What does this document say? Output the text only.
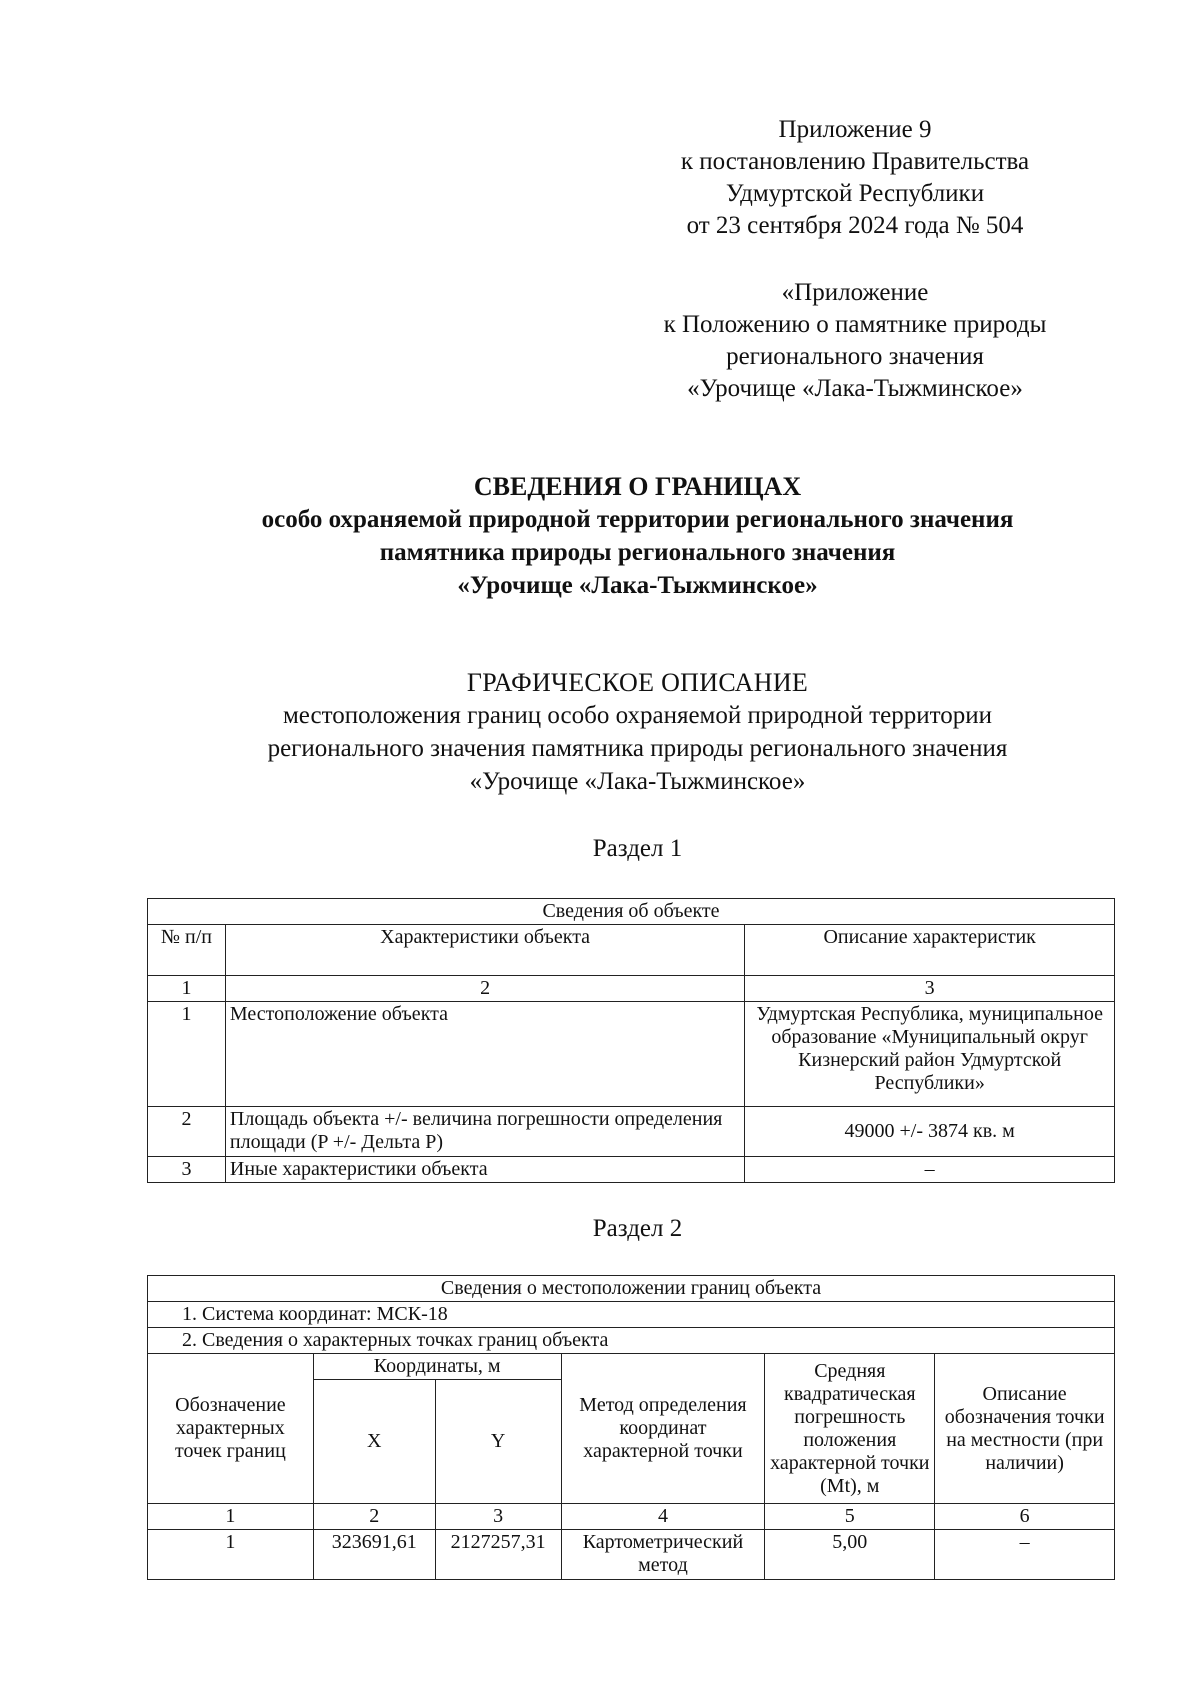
Приложение 9
к постановлению Правительства
Удмуртской Республики
от 23 сентября 2024 года № 504
«Приложение
к Положению о памятнике природы
регионального значения
«Урочище «Лака-Тыжминское»
СВЕДЕНИЯ О ГРАНИЦАХ
особо охраняемой природной территории регионального значения
памятника природы регионального значения
«Урочище «Лака-Тыжминское»
ГРАФИЧЕСКОЕ ОПИСАНИЕ
местоположения границ особо охраняемой природной территории
регионального значения памятника природы регионального значения
«Урочище «Лака-Тыжминское»
Раздел 1
Сведения об объекте		
№ п/п	Характеристики объекта	Описание характеристик
1	2	3
1	Местоположение объекта	Удмуртская Республика, муниципальное образование «Муниципальный округ Кизнерский район Удмуртской Республики»
2	Площадь объекта +/- величина погрешности определения площади (P +/- Дельта P)	49000 +/- 3874 кв. м
3	Иные характеристики объекта	–
Раздел 2
Сведения о местоположении границ объекта					
1. Система координат: МСК-18					
2. Сведения о характерных точках границ объекта					
Обозначение характерных точек границ	Координаты, м		Метод определения координат характерной точки	Средняя квадратическая погрешность положения характерной точки (Mt), м	Описание обозначения точки на местности (при наличии)
	X	Y			
1	2	3	4	5	6
1	323691,61	2127257,31	Картометрический метод	5,00	–
